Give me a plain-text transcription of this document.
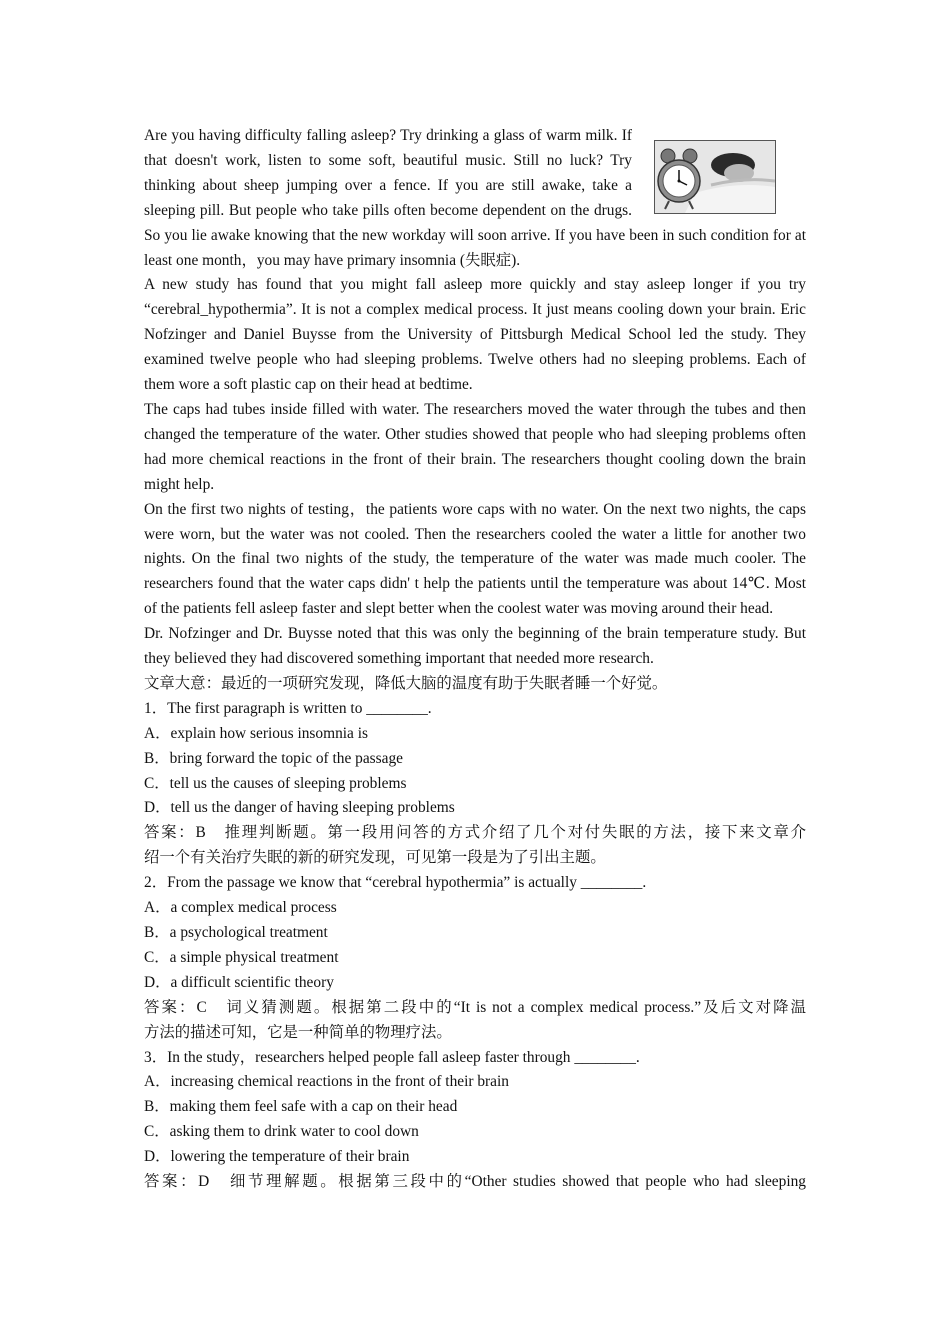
Are you having difficulty falling asleep? Try drinking a glass of warm milk. If that doesn't work, listen to some soft, beautiful music. Still no luck? Try thinking about sheep jumping over a fence. If you are still awake, take a sleeping pill. But people who take pills often become dependent on the drugs. So you lie awake knowing that the new workday will soon arrive. If you have been in such condition for at least one month，you may have primary insomnia (失眠症).

A new study has found that you might fall asleep more quickly and stay asleep longer if you try “cerebral_hypothermia”. It is not a complex medical process. It just means cooling down your brain. Eric Nofzinger and Daniel Buysse from the University of Pittsburgh Medical School led the study. They examined twelve people who had sleeping problems. Twelve others had no sleeping problems. Each of them wore a soft plastic cap on their head at bedtime.

The caps had tubes inside filled with water. The researchers moved the water through the tubes and then changed the temperature of the water. Other studies showed that people who had sleeping problems often had more chemical reactions in the front of their brain. The researchers thought cooling down the brain might help.

On the first two nights of testing，the patients wore caps with no water. On the next two nights, the caps were worn, but the water was not cooled. Then the researchers cooled the water a little for another two nights. On the final two nights of the study, the temperature of the water was made much cooler. The researchers found that the water caps didn' t help the patients until the temperature was about 14℃. Most of the patients fell asleep faster and slept better when the coolest water was moving around their head.

Dr. Nofzinger and Dr. Buysse noted that this was only the beginning of the brain temperature study. But they believed they had discovered something important that needed more research.

文章大意：最近的一项研究发现，降低大脑的温度有助于失眠者睡一个好觉。

1．The first paragraph is written to ________.

A．explain how serious insomnia is

B．bring forward the topic of the passage

C．tell us the causes of sleeping problems

D．tell us the danger of having sleeping problems

答案：B　推理判断题。第一段用问答的方式介绍了几个对付失眠的方法，接下来文章介

绍一个有关治疗失眠的新的研究发现，可见第一段是为了引出主题。

2．From the passage we know that “cerebral hypothermia” is actually ________.

A．a complex medical process

B．a psychological treatment

C．a simple physical treatment

D．a difficult scientific theory

答案：C　词义猜测题。根据第二段中的“It is not a complex medical process.”及后文对降温

方法的描述可知，它是一种简单的物理疗法。

3．In the study，researchers helped people fall asleep faster through ________.

A．increasing chemical reactions in the front of their brain

B．making them feel safe with a cap on their head

C．asking them to drink water to cool down

D．lowering the temperature of their brain

答案：D　细节理解题。根据第三段中的“Other studies showed that people who had sleeping
